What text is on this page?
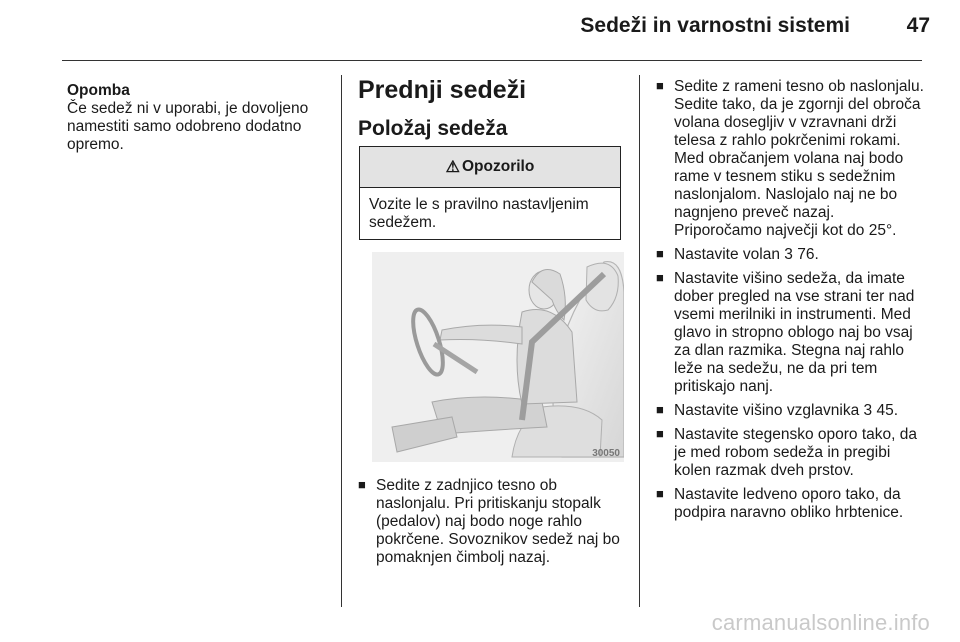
Sedeži in varnostni sistemi	47
Opomba
Če sedež ni v uporabi, je dovoljeno namestiti samo odobreno dodatno opremo.
Prednji sedeži
Položaj sedeža
⚠ Opozorilo
Vozite le s pravilno nastavljenim sedežem.
30050
■ Sedite z zadnjico tesno ob naslonjalu. Pri pritiskanju stopalk (pedalov) naj bodo noge rahlo pokrčene. Sovoznikov sedež naj bo pomaknjen čimbolj nazaj.
■ Sedite z rameni tesno ob naslonjalu. Sedite tako, da je zgornji del obroča volana dosegljiv v vzravnani drži telesa z rahlo pokrčenimi rokami. Med obračanjem volana naj bodo rame v tesnem stiku s sedežnim naslonjalom. Naslojalo naj ne bo nagnjeno preveč nazaj. Priporočamo največji kot do 25°.
■ Nastavite volan 3 76.
■ Nastavite višino sedeža, da imate dober pregled na vse strani ter nad vsemi merilniki in instrumenti. Med glavo in stropno oblogo naj bo vsaj za dlan razmika. Stegna naj rahlo leže na sedežu, ne da pri tem pritiskajo nanj.
■ Nastavite višino vzglavnika 3 45.
■ Nastavite stegensko oporo tako, da je med robom sedeža in pregibi kolen razmak dveh prstov.
■ Nastavite ledveno oporo tako, da podpira naravno obliko hrbtenice.
carmanualsonline.info
